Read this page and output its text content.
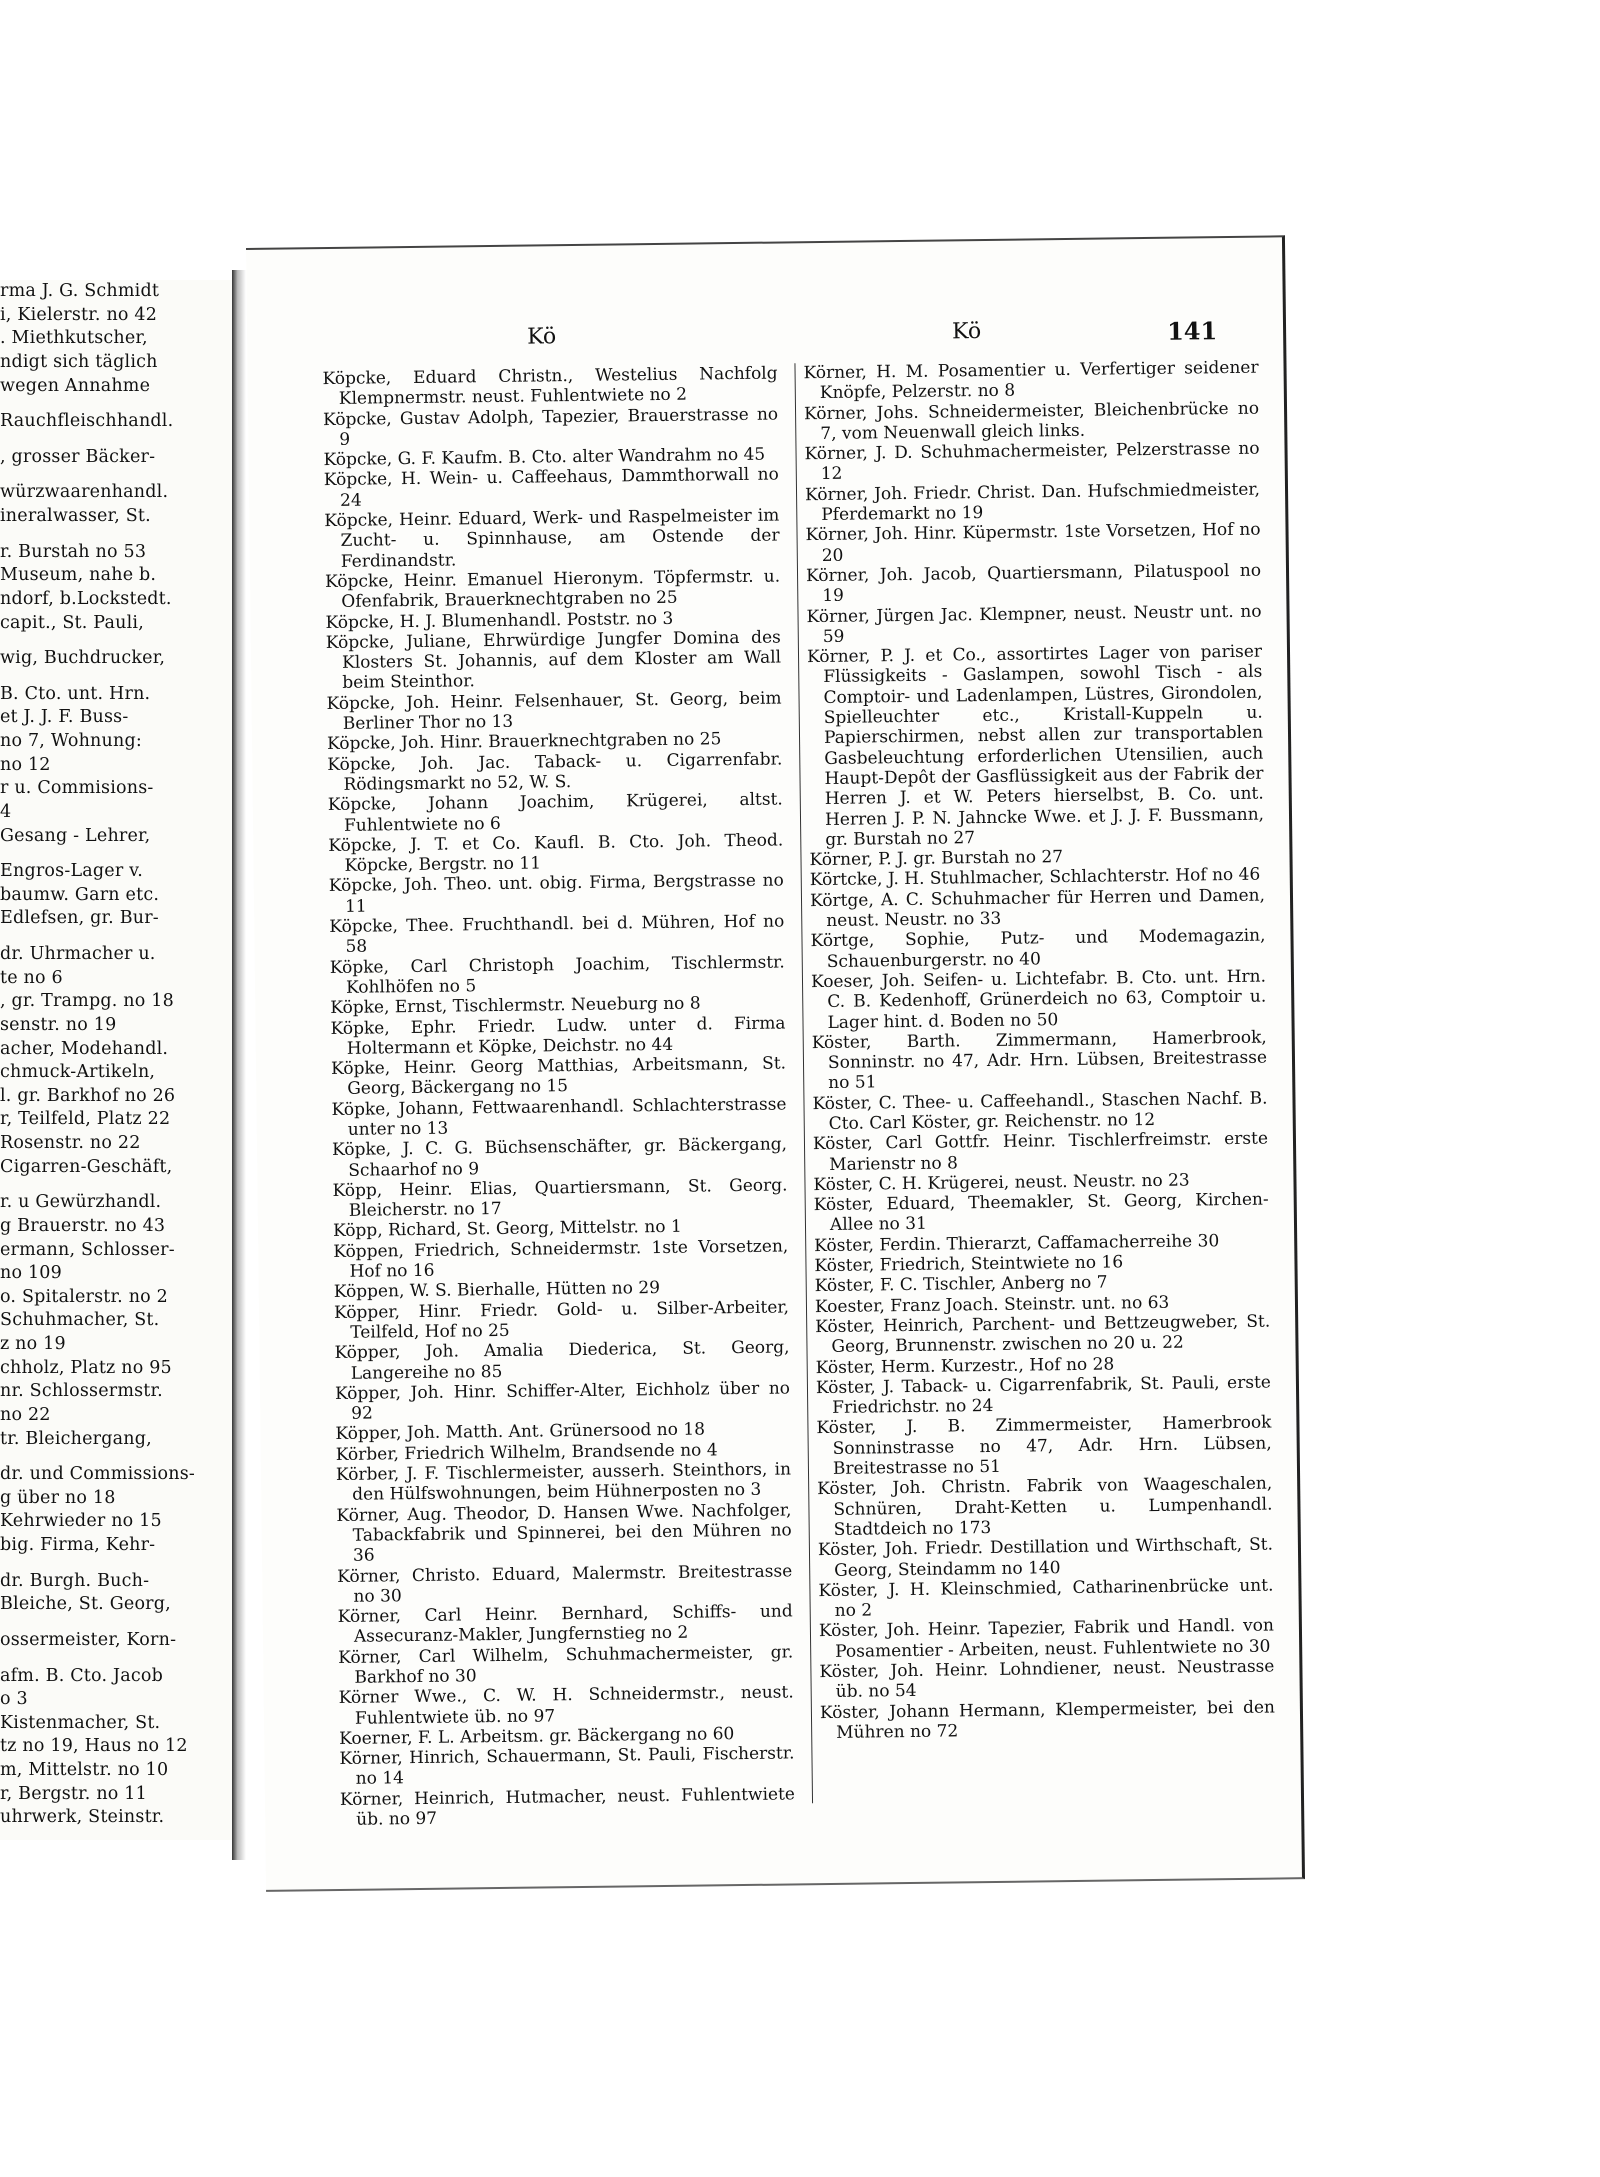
rma J. G. Schmidt
i, Kielerstr. no 42
. Miethkutscher,
ndigt sich täglich
wegen Annahme
Rauchfleischhandl.
, grosser Bäcker-
würzwaarenhandl.
ineralwasser, St.
r. Burstah no 53
Museum, nahe b.
ndorf, b.Lockstedt.
capit., St. Pauli,
wig, Buchdrucker,
B. Cto. unt. Hrn.
et J. J. F. Buss-
no 7, Wohnung:
no 12
r u. Commisions-
4
Gesang - Lehrer,
Engros-Lager v.
baumw. Garn etc.
Edlefsen, gr. Bur-
dr. Uhrmacher u.
te no 6
, gr. Trampg. no 18
senstr. no 19
acher, Modehandl.
chmuck-Artikeln,
l. gr. Barkhof no 26
r, Teilfeld, Platz 22
Rosenstr. no 22
Cigarren-Geschäft,
r. u Gewürzhandl.
g Brauerstr. no 43
ermann, Schlosser-
no 109
o. Spitalerstr. no 2
Schuhmacher, St.
z no 19
chholz, Platz no 95
nr. Schlossermstr.
no 22
tr. Bleichergang,
dr. und Commissions-
g über no 18
Kehrwieder no 15
big. Firma, Kehr-
dr. Burgh. Buch-
Bleiche, St. Georg,
ossermeister, Korn-
afm. B. Cto. Jacob
o 3
Kistenmacher, St.
tz no 19, Haus no 12
m, Mittelstr. no 10
r, Bergstr. no 11
uhrwerk, Steinstr.
Kö	Kö	141
Köpcke, Eduard Christn., Westelius Nachfolg Klempnermstr. neust. Fuhlentwiete no 2
Köpcke, Gustav Adolph, Tapezier, Brauerstrasse no 9
Köpcke, G. F. Kaufm. B. Cto. alter Wandrahm no 45
Köpcke, H. Wein- u. Caffeehaus, Dammthorwall no 24
Köpcke, Heinr. Eduard, Werk- und Raspelmeister im Zucht- u. Spinnhause, am Ostende der Ferdinandstr.
Köpcke, Heinr. Emanuel Hieronym. Töpfermstr. u. Ofenfabrik, Brauerknechtgraben no 25
Köpcke, H. J. Blumenhandl. Poststr. no 3
Köpcke, Juliane, Ehrwürdige Jungfer Domina des Klosters St. Johannis, auf dem Kloster am Wall beim Steinthor.
Köpcke, Joh. Heinr. Felsenhauer, St. Georg, beim Berliner Thor no 13
Köpcke, Joh. Hinr. Brauerknechtgraben no 25
Köpcke, Joh. Jac. Taback- u. Cigarrenfabr. Rödingsmarkt no 52, W. S.
Köpcke, Johann Joachim, Krügerei, altst. Fuhlentwiete no 6
Köpcke, J. T. et Co. Kaufl. B. Cto. Joh. Theod. Köpcke, Bergstr. no 11
Köpcke, Joh. Theo. unt. obig. Firma, Bergstrasse no 11
Köpcke, Thee. Fruchthandl. bei d. Mühren, Hof no 58
Köpke, Carl Christoph Joachim, Tischlermstr. Kohlhöfen no 5
Köpke, Ernst, Tischlermstr. Neueburg no 8
Köpke, Ephr. Friedr. Ludw. unter d. Firma Holtermann et Köpke, Deichstr. no 44
Köpke, Heinr. Georg Matthias, Arbeitsmann, St. Georg, Bäckergang no 15
Köpke, Johann, Fettwaarenhandl. Schlachterstrasse unter no 13
Köpke, J. C. G. Büchsenschäfter, gr. Bäckergang, Schaarhof no 9
Köpp, Heinr. Elias, Quartiersmann, St. Georg. Bleicherstr. no 17
Köpp, Richard, St. Georg, Mittelstr. no 1
Köppen, Friedrich, Schneidermstr. 1ste Vorsetzen, Hof no 16
Köppen, W. S. Bierhalle, Hütten no 29
Köpper, Hinr. Friedr. Gold- u. Silber-Arbeiter, Teilfeld, Hof no 25
Köpper, Joh. Amalia Diederica, St. Georg, Langereihe no 85
Köpper, Joh. Hinr. Schiffer-Alter, Eichholz über no 92
Köpper, Joh. Matth. Ant. Grünersood no 18
Körber, Friedrich Wilhelm, Brandsende no 4
Körber, J. F. Tischlermeister, ausserh. Steinthors, in den Hülfswohnungen, beim Hühnerposten no 3
Körner, Aug. Theodor, D. Hansen Wwe. Nachfolger, Tabackfabrik und Spinnerei, bei den Mühren no 36
Körner, Christo. Eduard, Malermstr. Breitestrasse no 30
Körner, Carl Heinr. Bernhard, Schiffs- und Assecuranz-Makler, Jungfernstieg no 2
Körner, Carl Wilhelm, Schuhmachermeister, gr. Barkhof no 30
Körner Wwe., C. W. H. Schneidermstr., neust. Fuhlentwiete üb. no 97
Koerner, F. L. Arbeitsm. gr. Bäckergang no 60
Körner, Hinrich, Schauermann, St. Pauli, Fischerstr. no 14
Körner, Heinrich, Hutmacher, neust. Fuhlentwiete üb. no 97
Körner, H. M. Posamentier u. Verfertiger seidener Knöpfe, Pelzerstr. no 8
Körner, Johs. Schneidermeister, Bleichenbrücke no 7, vom Neuenwall gleich links.
Körner, J. D. Schuhmachermeister, Pelzerstrasse no 12
Körner, Joh. Friedr. Christ. Dan. Hufschmiedmeister, Pferdemarkt no 19
Körner, Joh. Hinr. Küpermstr. 1ste Vorsetzen, Hof no 20
Körner, Joh. Jacob, Quartiersmann, Pilatuspool no 19
Körner, Jürgen Jac. Klempner, neust. Neustr unt. no 59
Körner, P. J. et Co., assortirtes Lager von pariser Flüssigkeits - Gaslampen, sowohl Tisch - als Comptoir- und Ladenlampen, Lüstres, Girondolen, Spielleuchter etc., Kristall-Kuppeln u. Papierschirmen, nebst allen zur transportablen Gasbeleuchtung erforderlichen Utensilien, auch Haupt-Depôt der Gasflüssigkeit aus der Fabrik der Herren J. et W. Peters hierselbst, B. Co. unt. Herren J. P. N. Jahncke Wwe. et J. J. F. Bussmann, gr. Burstah no 27
Körner, P. J. gr. Burstah no 27
Körtcke, J. H. Stuhlmacher, Schlachterstr. Hof no 46
Körtge, A. C. Schuhmacher für Herren und Damen, neust. Neustr. no 33
Körtge, Sophie, Putz- und Modemagazin, Schauenburgerstr. no 40
Koeser, Joh. Seifen- u. Lichtefabr. B. Cto. unt. Hrn. C. B. Kedenhoff, Grünerdeich no 63, Comptoir u. Lager hint. d. Boden no 50
Köster, Barth. Zimmermann, Hamerbrook, Sonninstr. no 47, Adr. Hrn. Lübsen, Breitestrasse no 51
Köster, C. Thee- u. Caffeehandl., Staschen Nachf. B. Cto. Carl Köster, gr. Reichenstr. no 12
Köster, Carl Gottfr. Heinr. Tischlerfreimstr. erste Marienstr no 8
Köster, C. H. Krügerei, neust. Neustr. no 23
Köster, Eduard, Theemakler, St. Georg, Kirchen-Allee no 31
Köster, Ferdin. Thierarzt, Caffamacherreihe 30
Köster, Friedrich, Steintwiete no 16
Köster, F. C. Tischler, Anberg no 7
Koester, Franz Joach. Steinstr. unt. no 63
Köster, Heinrich, Parchent- und Bettzeugweber, St. Georg, Brunnenstr. zwischen no 20 u. 22
Köster, Herm. Kurzestr., Hof no 28
Köster, J. Taback- u. Cigarrenfabrik, St. Pauli, erste Friedrichstr. no 24
Köster, J. B. Zimmermeister, Hamerbrook Sonninstrasse no 47, Adr. Hrn. Lübsen, Breitestrasse no 51
Köster, Joh. Christn. Fabrik von Waageschalen, Schnüren, Draht-Ketten u. Lumpenhandl. Stadtdeich no 173
Köster, Joh. Friedr. Destillation und Wirthschaft, St. Georg, Steindamm no 140
Köster, J. H. Kleinschmied, Catharinenbrücke unt. no 2
Köster, Joh. Heinr. Tapezier, Fabrik und Handl. von Posamentier - Arbeiten, neust. Fuhlentwiete no 30
Köster, Joh. Heinr. Lohndiener, neust. Neustrasse üb. no 54
Köster, Johann Hermann, Klempermeister, bei den Mühren no 72
